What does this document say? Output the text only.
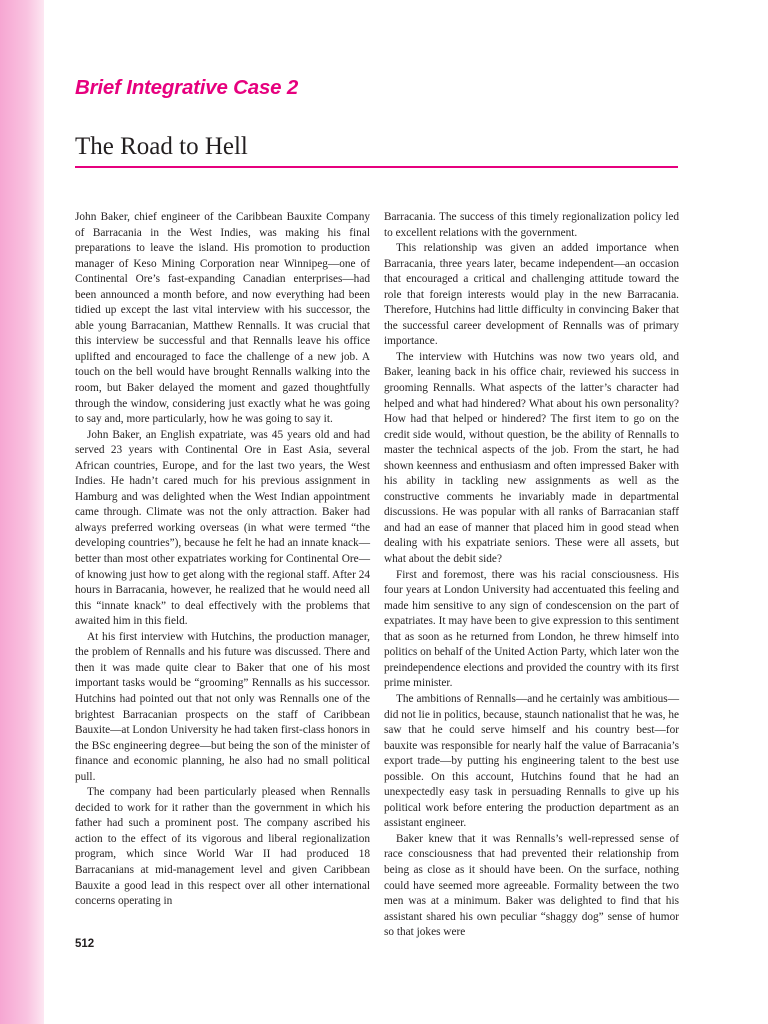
Brief Integrative Case 2
The Road to Hell

John Baker, chief engineer of the Caribbean Bauxite Company of Barracania in the West Indies, was making his final preparations to leave the island. His promotion to production manager of Keso Mining Corporation near Winnipeg—one of Continental Ore’s fast-expanding Canadian enterprises—had been announced a month before, and now everything had been tidied up except the last vital interview with his successor, the able young Barracanian, Matthew Rennalls. It was crucial that this interview be successful and that Rennalls leave his office uplifted and encouraged to face the challenge of a new job. A touch on the bell would have brought Rennalls walking into the room, but Baker delayed the moment and gazed thoughtfully through the window, considering just exactly what he was going to say and, more particularly, how he was going to say it.

John Baker, an English expatriate, was 45 years old and had served 23 years with Continental Ore in East Asia, several African countries, Europe, and for the last two years, the West Indies. He hadn’t cared much for his previous assignment in Hamburg and was delighted when the West Indian appointment came through. Climate was not the only attraction. Baker had always preferred working overseas (in what were termed “the developing countries”), because he felt he had an innate knack—better than most other expatriates working for Continental Ore—of knowing just how to get along with the regional staff. After 24 hours in Barracania, however, he realized that he would need all this “innate knack” to deal effectively with the problems that awaited him in this field.

At his first interview with Hutchins, the production manager, the problem of Rennalls and his future was discussed. There and then it was made quite clear to Baker that one of his most important tasks would be “grooming” Rennalls as his successor. Hutchins had pointed out that not only was Rennalls one of the brightest Barracanian prospects on the staff of Caribbean Bauxite—at London University he had taken first-class honors in the BSc engineering degree—but being the son of the minister of finance and economic planning, he also had no small political pull.

The company had been particularly pleased when Rennalls decided to work for it rather than the government in which his father had such a prominent post. The company ascribed his action to the effect of its vigorous and liberal regionalization program, which since World War II had produced 18 Barracanians at mid-management level and given Caribbean Bauxite a good lead in this respect over all other international concerns operating in

Barracania. The success of this timely regionalization policy led to excellent relations with the government.

This relationship was given an added importance when Barracania, three years later, became independent—an occasion that encouraged a critical and challenging attitude toward the role that foreign interests would play in the new Barracania. Therefore, Hutchins had little difficulty in convincing Baker that the successful career development of Rennalls was of primary importance.

The interview with Hutchins was now two years old, and Baker, leaning back in his office chair, reviewed his success in grooming Rennalls. What aspects of the latter’s character had helped and what had hindered? What about his own personality? How had that helped or hindered? The first item to go on the credit side would, without question, be the ability of Rennalls to master the technical aspects of the job. From the start, he had shown keenness and enthusiasm and often impressed Baker with his ability in tackling new assignments as well as the constructive comments he invariably made in departmental discussions. He was popular with all ranks of Barracanian staff and had an ease of manner that placed him in good stead when dealing with his expatriate seniors. These were all assets, but what about the debit side?

First and foremost, there was his racial consciousness. His four years at London University had accentuated this feeling and made him sensitive to any sign of condescension on the part of expatriates. It may have been to give expression to this sentiment that as soon as he returned from London, he threw himself into politics on behalf of the United Action Party, which later won the preindependence elections and provided the country with its first prime minister.

The ambitions of Rennalls—and he certainly was ambitious—did not lie in politics, because, staunch nationalist that he was, he saw that he could serve himself and his country best—for bauxite was responsible for nearly half the value of Barracania’s export trade—by putting his engineering talent to the best use possible. On this account, Hutchins found that he had an unexpectedly easy task in persuading Rennalls to give up his political work before entering the production department as an assistant engineer.

Baker knew that it was Rennalls’s well-repressed sense of race consciousness that had prevented their relationship from being as close as it should have been. On the surface, nothing could have seemed more agreeable. Formality between the two men was at a minimum. Baker was delighted to find that his assistant shared his own peculiar “shaggy dog” sense of humor so that jokes were

512
